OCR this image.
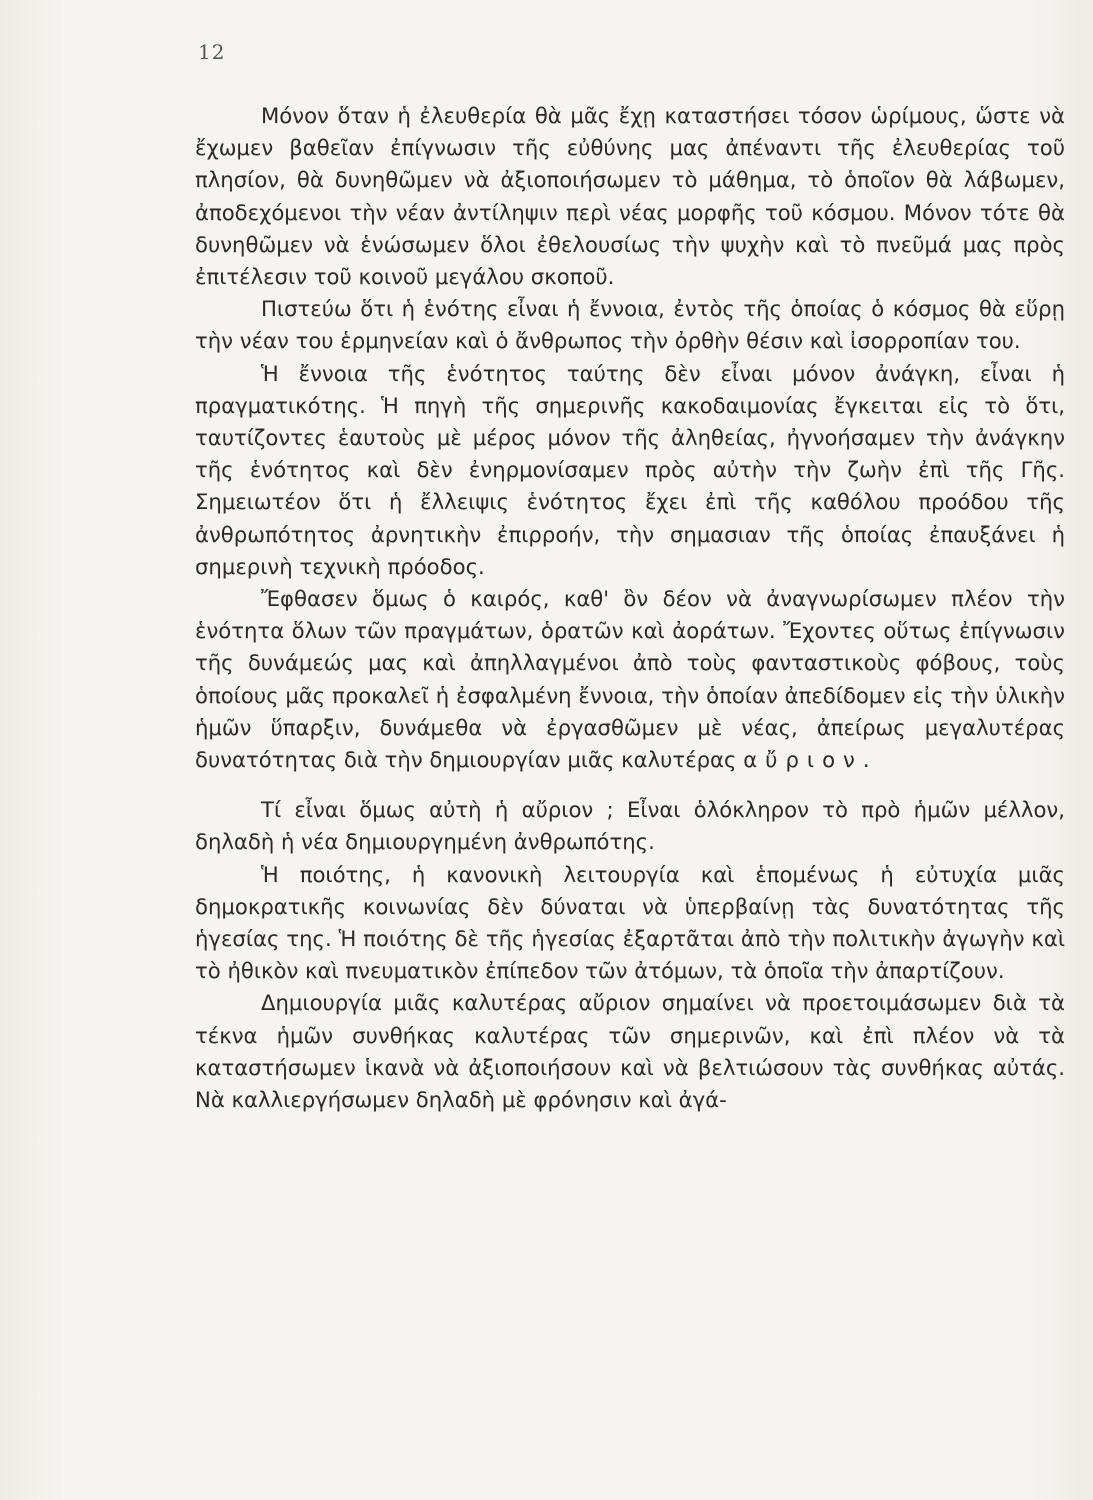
12

Μόνον ὅταν ἡ ἐλευθερία θὰ μᾶς ἔχῃ καταστήσει τόσον ὡρίμους, ὥστε νὰ ἔχωμεν βαθεῖαν ἐπίγνωσιν τῆς εὐθύνης μας ἀπέναντι τῆς ἐλευθερίας τοῦ πλησίον, θὰ δυνηθῶμεν νὰ ἀξιοποιήσωμεν τὸ μάθημα, τὸ ὁποῖον θὰ λάβωμεν, ἀποδεχόμενοι τὴν νέαν ἀντίληψιν περὶ νέας μορφῆς τοῦ κόσμου. Μόνον τότε θὰ δυνηθῶμεν νὰ ἑνώσωμεν ὅλοι ἐθελουσίως τὴν ψυχὴν καὶ τὸ πνεῦμά μας πρὸς ἐπιτέλεσιν τοῦ κοινοῦ μεγάλου σκοποῦ.

Πιστεύω ὅτι ἡ ἑνότης εἶναι ἡ ἔννοια, ἐντὸς τῆς ὁποίας ὁ κόσμος θὰ εὕρῃ τὴν νέαν του ἑρμηνείαν καὶ ὁ ἄνθρωπος τὴν ὀρθὴν θέσιν καὶ ἰσορροπίαν του.

Ἡ ἔννοια τῆς ἑνότητος ταύτης δὲν εἶναι μόνον ἀνάγκη, εἶναι ἡ πραγματικότης. Ἡ πηγὴ τῆς σημερινῆς κακοδαιμονίας ἔγκειται εἰς τὸ ὅτι, ταυτίζοντες ἑαυτοὺς μὲ μέρος μόνον τῆς ἀληθείας, ἠγνοήσαμεν τὴν ἀνάγκην τῆς ἑνότητος καὶ δὲν ἐνηρμονίσαμεν πρὸς αὐτὴν τὴν ζωὴν ἐπὶ τῆς Γῆς. Σημειωτέον ὅτι ἡ ἔλλειψις ἑνότητος ἔχει ἐπὶ τῆς καθόλου προόδου τῆς ἀνθρωπότητος ἀρνητικὴν ἐπιρροήν, τὴν σημασιαν τῆς ὁποίας ἐπαυξάνει ἡ σημερινὴ τεχνικὴ πρόοδος.

Ἔφθασεν ὅμως ὁ καιρός, καθ' ὃν δέον νὰ ἀναγνωρίσωμεν πλέον τὴν ἑνότητα ὅλων τῶν πραγμάτων, ὁρατῶν καὶ ἀοράτων. Ἔχοντες οὕτως ἐπίγνωσιν τῆς δυνάμεώς μας καὶ ἀπηλλαγμένοι ἀπὸ τοὺς φανταστικοὺς φόβους, τοὺς ὁποίους μᾶς προκαλεῖ ἡ ἐσφαλμένη ἔννοια, τὴν ὁποίαν ἀπεδίδομεν εἰς τὴν ὑλικὴν ἡμῶν ὕπαρξιν, δυνάμεθα νὰ ἐργασθῶμεν μὲ νέας, ἀπείρως μεγαλυτέρας δυνατότητας διὰ τὴν δημιουργίαν μιᾶς καλυτέρας αὔριον.

Τί εἶναι ὅμως αὐτὴ ἡ αὔριον ; Εἶναι ὁλόκληρον τὸ πρὸ ἡμῶν μέλλον, δηλαδὴ ἡ νέα δημιουργημένη ἀνθρωπότης.

Ἡ ποιότης, ἡ κανονικὴ λειτουργία καὶ ἑπομένως ἡ εὐτυχία μιᾶς δημοκρατικῆς κοινωνίας δὲν δύναται νὰ ὑπερβαίνῃ τὰς δυνατότητας τῆς ἡγεσίας της. Ἡ ποιότης δὲ τῆς ἡγεσίας ἐξαρτᾶται ἀπὸ τὴν πολιτικὴν ἀγωγὴν καὶ τὸ ἠθικὸν καὶ πνευματικὸν ἐπίπεδον τῶν ἀτόμων, τὰ ὁποῖα τὴν ἀπαρτίζουν.

Δημιουργία μιᾶς καλυτέρας αὔριον σημαίνει νὰ προετοιμάσωμεν διὰ τὰ τέκνα ἡμῶν συνθήκας καλυτέρας τῶν σημερινῶν, καὶ ἐπὶ πλέον νὰ τὰ καταστήσωμεν ἱκανὰ νὰ ἀξιοποιήσουν καὶ νὰ βελτιώσουν τὰς συνθήκας αὐτάς. Νὰ καλλιεργήσωμεν δηλαδὴ μὲ φρόνησιν καὶ ἀγά-
